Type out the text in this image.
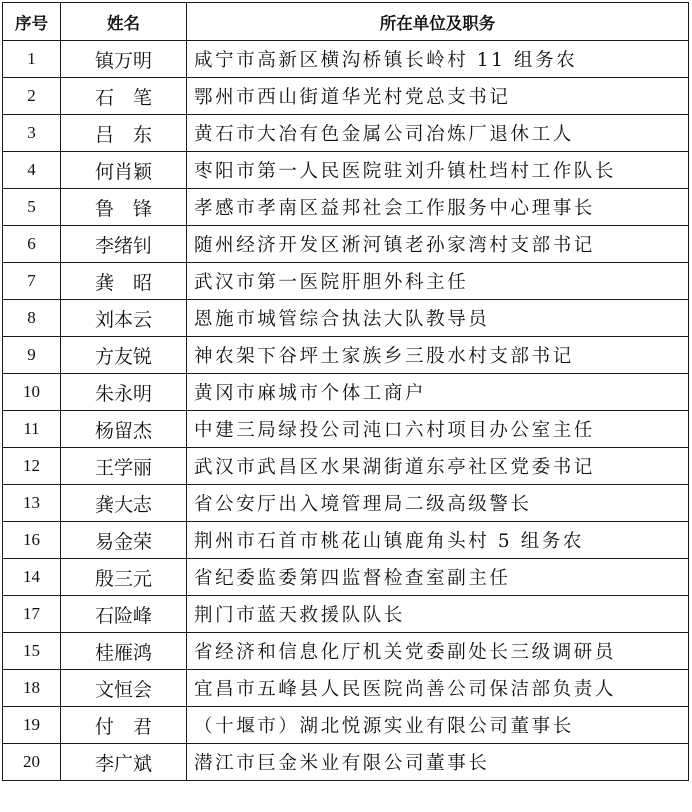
序号	姓名	所在单位及职务
1	镇万明	咸宁市高新区横沟桥镇长岭村 11 组务农
2	石　笔	鄂州市西山街道华光村党总支书记
3	吕　东	黄石市大冶有色金属公司冶炼厂退休工人
4	何肖颖	枣阳市第一人民医院驻刘升镇杜垱村工作队长
5	鲁　锋	孝感市孝南区益邦社会工作服务中心理事长
6	李绪钊	随州经济开发区淅河镇老孙家湾村支部书记
7	龚　昭	武汉市第一医院肝胆外科主任
8	刘本云	恩施市城管综合执法大队教导员
9	方友锐	神农架下谷坪土家族乡三股水村支部书记
10	朱永明	黄冈市麻城市个体工商户
11	杨留杰	中建三局绿投公司沌口六村项目办公室主任
12	王学丽	武汉市武昌区水果湖街道东亭社区党委书记
13	龚大志	省公安厅出入境管理局二级高级警长
16	易金荣	荆州市石首市桃花山镇鹿角头村 5 组务农
14	殷三元	省纪委监委第四监督检查室副主任
17	石险峰	荆门市蓝天救援队队长
15	桂雁鸿	省经济和信息化厅机关党委副处长三级调研员
18	文恒会	宜昌市五峰县人民医院尚善公司保洁部负责人
19	付　君	（十堰市）湖北悦源实业有限公司董事长
20	李广斌	潜江市巨金米业有限公司董事长
